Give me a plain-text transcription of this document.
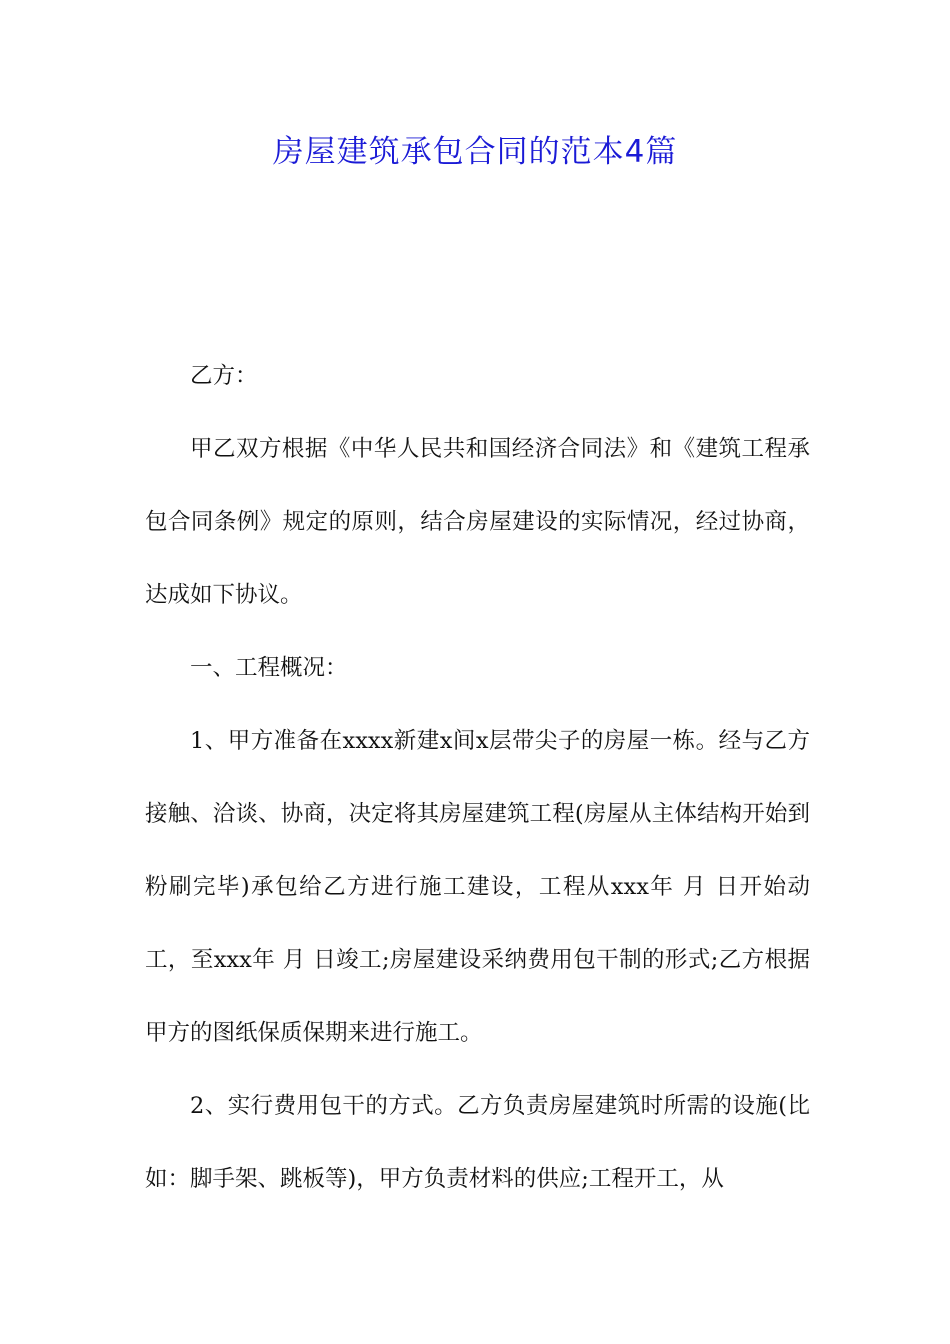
房屋建筑承包合同的范本4篇

乙方：

甲乙双方根据《中华人民共和国经济合同法》和《建筑工程承包合同条例》规定的原则，结合房屋建设的实际情况，经过协商，达成如下协议。

一、工程概况：

1、甲方准备在xxxx新建x间x层带尖子的房屋一栋。经与乙方接触、洽谈、协商，决定将其房屋建筑工程(房屋从主体结构开始到粉刷完毕)承包给乙方进行施工建设，工程从xxx年 月 日开始动工，至xxx年 月 日竣工;房屋建设采纳费用包干制的形式;乙方根据甲方的图纸保质保期来进行施工。

2、实行费用包干的方式。乙方负责房屋建筑时所需的设施(比如：脚手架、跳板等)，甲方负责材料的供应;工程开工，从
